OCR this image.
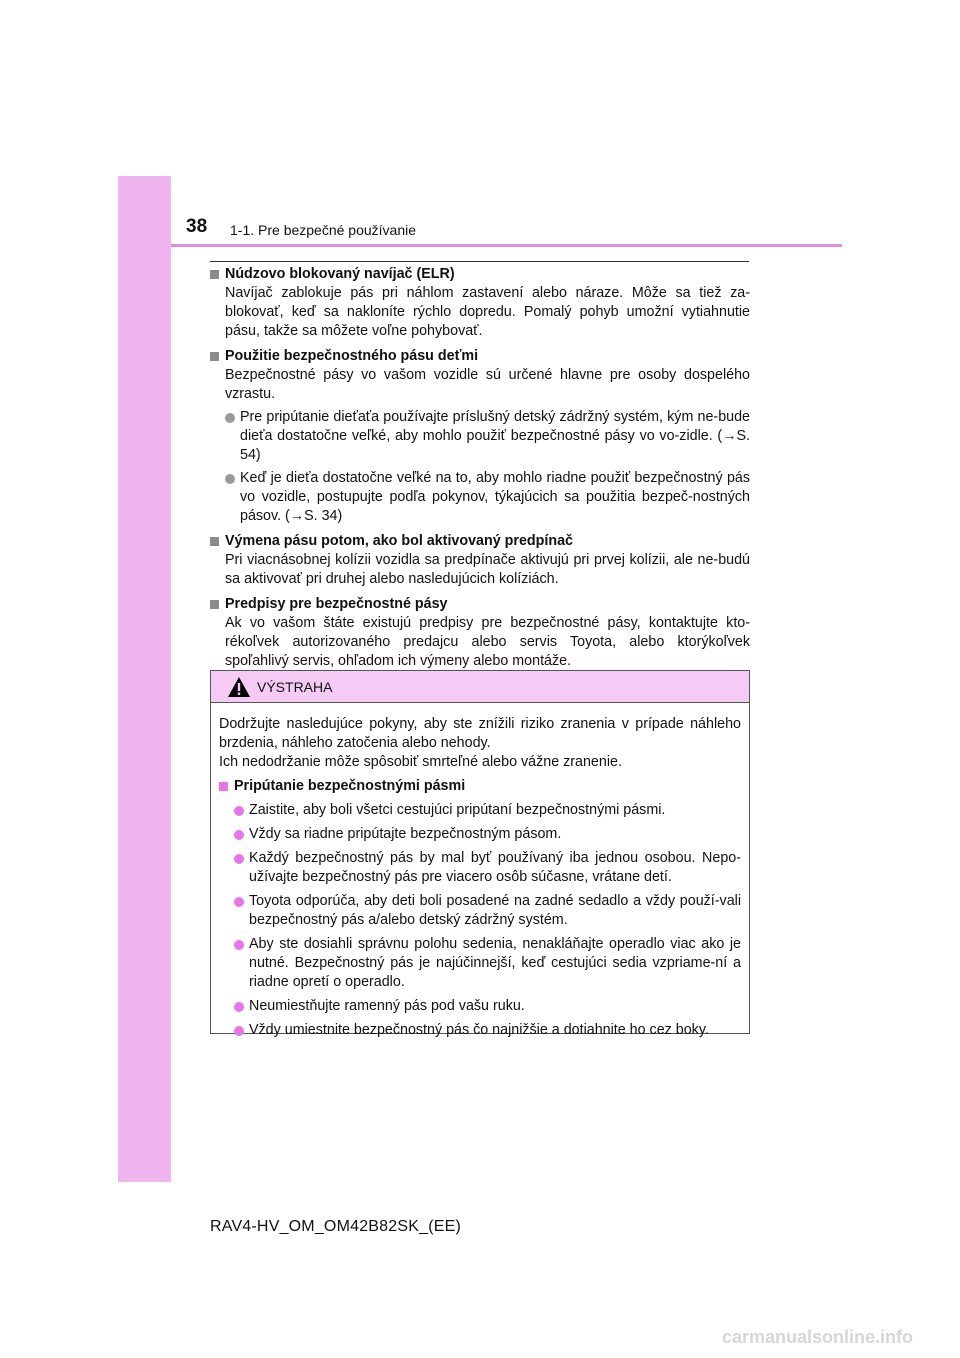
38 1-1. Pre bezpečné používanie
Núdzovo blokovaný navíjač (ELR)
Navíjač zablokuje pás pri náhlom zastavení alebo náraze. Môže sa tiež za-blokovať, keď sa nakloníte rýchlo dopredu. Pomalý pohyb umožní vytiahnutie pásu, takže sa môžete voľne pohybovať.
Použitie bezpečnostného pásu deťmi
Bezpečnostné pásy vo vašom vozidle sú určené hlavne pre osoby dospelého vzrastu.
Pre pripútanie dieťaťa používajte príslušný detský zádržný systém, kým ne-bude dieťa dostatočne veľké, aby mohlo použiť bezpečnostné pásy vo vo-zidle. (→S. 54)
Keď je dieťa dostatočne veľké na to, aby mohlo riadne použiť bezpečnostný pás vo vozidle, postupujte podľa pokynov, týkajúcich sa použitia bezpeč-nostných pásov. (→S. 34)
Výmena pásu potom, ako bol aktivovaný predpínač
Pri viacnásobnej kolízii vozidla sa predpínače aktivujú pri prvej kolízii, ale ne-budú sa aktivovať pri druhej alebo nasledujúcich kolíziách.
Predpisy pre bezpečnostné pásy
Ak vo vašom štáte existujú predpisy pre bezpečnostné pásy, kontaktujte kto-rékoľvek autorizovaného predajcu alebo servis Toyota, alebo ktorýkoľvek spoľahlivý servis, ohľadom ich výmeny alebo montáže.
VÝSTRAHA
Dodržujte nasledujúce pokyny, aby ste znížili riziko zranenia v prípade náhleho brzdenia, náhleho zatočenia alebo nehody.
Ich nedodržanie môže spôsobiť smrteľné alebo vážne zranenie.
Pripútanie bezpečnostnými pásmi
Zaistite, aby boli všetci cestujúci pripútaní bezpečnostnými pásmi.
Vždy sa riadne pripútajte bezpečnostným pásom.
Každý bezpečnostný pás by mal byť používaný iba jednou osobou. Nepo-užívajte bezpečnostný pás pre viacero osôb súčasne, vrátane detí.
Toyota odporúča, aby deti boli posadené na zadné sedadlo a vždy použí-vali bezpečnostný pás a/alebo detský zádržný systém.
Aby ste dosiahli správnu polohu sedenia, nenakláňajte operadlo viac ako je nutné. Bezpečnostný pás je najúčinnejší, keď cestujúci sedia vzpriame-ní a riadne opretí o operadlo.
Neumiestňujte ramenný pás pod vašu ruku.
Vždy umiestnite bezpečnostný pás čo najnižšie a dotiahnite ho cez boky.
RAV4-HV_OM_OM42B82SK_(EE)
carmanualsonline.info
